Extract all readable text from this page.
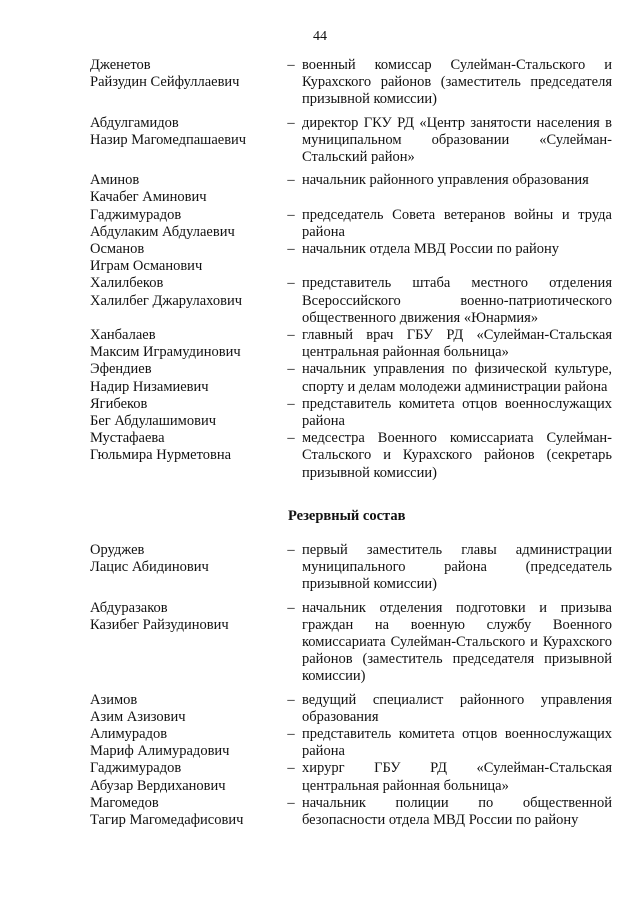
44
Дженетов
Райзудин Сейфуллаевич
– военный комиссар Сулейман-Стальского и Курахского районов (заместитель председателя призывной комиссии)
Абдулгамидов
Назир Магомедпашаевич
– директор ГКУ РД «Центр занятости населения в муниципальном образовании «Сулейман-Стальский район»
Аминов
Качабег Аминович
– начальник районного управления образования
Гаджимурадов
Абдулаким Абдулаевич
– председатель Совета ветеранов войны и труда района
Османов
Играм Османович
– начальник отдела МВД России по району
Халилбеков
Халилбег Джарулахович
– представитель штаба местного отделения Всероссийского военно-патриотического общественного движения «Юнармия»
Ханбалаев
Максим Играмудинович
– главный врач ГБУ РД «Сулейман-Стальская центральная районная больница»
Эфендиев
Надир Низамиевич
– начальник управления по физической культуре, спорту и делам молодежи администрации района
Ягибеков
Бег Абдулашимович
– представитель комитета отцов военнослужащих района
Мустафаева
Гюльмира Нурметовна
– медсестра Военного комиссариата Сулейман-Стальского и Курахского районов (секретарь призывной комиссии)
Резервный состав
Оруджев
Лацис Абидинович
– первый заместитель главы администрации муниципального района (председатель призывной комиссии)
Абдуразаков
Казибег Райзудинович
– начальник отделения подготовки и призыва граждан на военную службу Военного комиссариата Сулейман-Стальского и Курахского районов (заместитель председателя призывной комиссии)
Азимов
Азим Азизович
– ведущий специалист районного управления образования
Алимурадов
Мариф Алимурадович
– представитель комитета отцов военнослужащих района
Гаджимурадов
Абузар Вердиханович
– хирург ГБУ РД «Сулейман-Стальская центральная районная больница»
Магомедов
Тагир Магомедафисович
– начальник полиции по общественной безопасности отдела МВД России по району
